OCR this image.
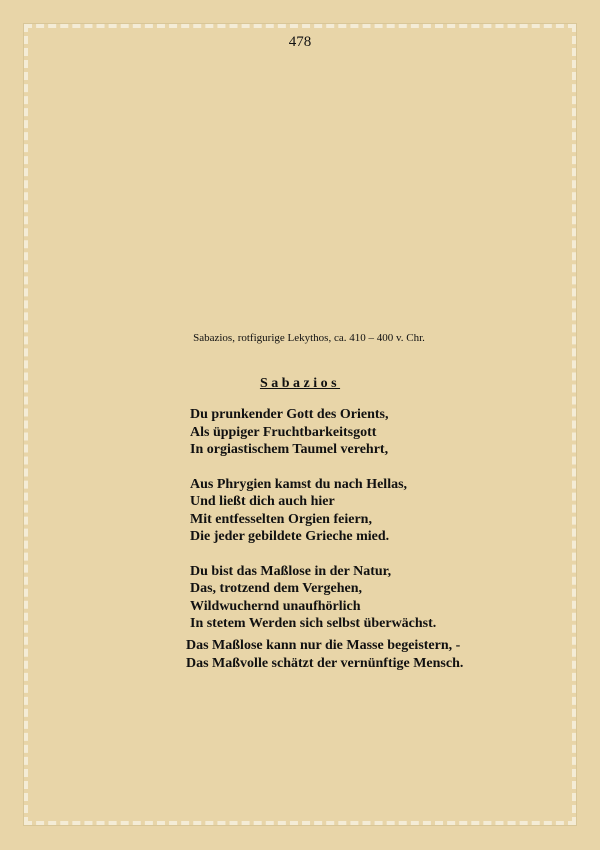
478
Sabazios, rotfigurige Lekythos, ca. 410 – 400 v. Chr.
Sabazios
Du prunkender Gott des Orients,
Als üppiger Fruchtbarkeitsgott
In orgiastischem Taumel verehrt,
Aus Phrygien kamst du nach Hellas,
Und ließt dich auch hier
Mit entfesselten Orgien feiern,
Die jeder gebildete Grieche mied.
Du bist das Maßlose in der Natur,
Das, trotzend dem Vergehen,
Wildwuchernd unaufhörlich
In stetem Werden sich selbst überwächst.
Das Maßlose kann nur die Masse begeistern, -
Das Maßvolle schätzt der vernünftige Mensch.
